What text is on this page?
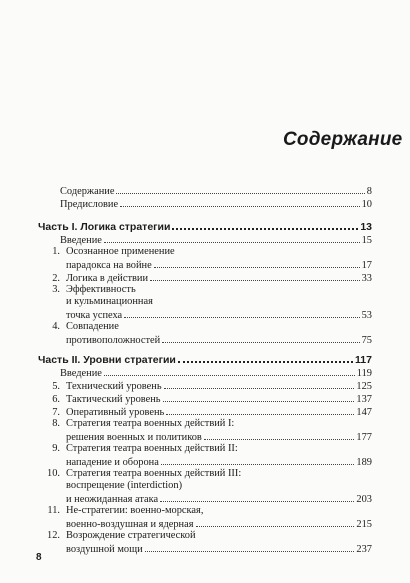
Содержание
Содержание	8
Предисловие	10
Часть I. Логика стратегии	13
Введение	15
1. Осознанное применение
парадокса на войне	17
2. Логика в действии	33
3. Эффективность
и кульминационная
точка успеха	53
4. Совпадение
противоположностей	75
Часть II. Уровни стратегии	117
Введение	119
5. Технический уровень	125
6. Тактический уровень	137
7. Оперативный уровень	147
8. Стратегия театра военных действий I:
решения военных и политиков	177
9. Стратегия театра военных действий II:
нападение и оборона	189
10. Стратегия театра военных действий III:
воспрещение (interdiction)
и неожиданная атака	203
11. Не-стратегии: военно-морская,
военно-воздушная и ядерная	215
12. Возрождение стратегической
воздушной мощи	237
8
